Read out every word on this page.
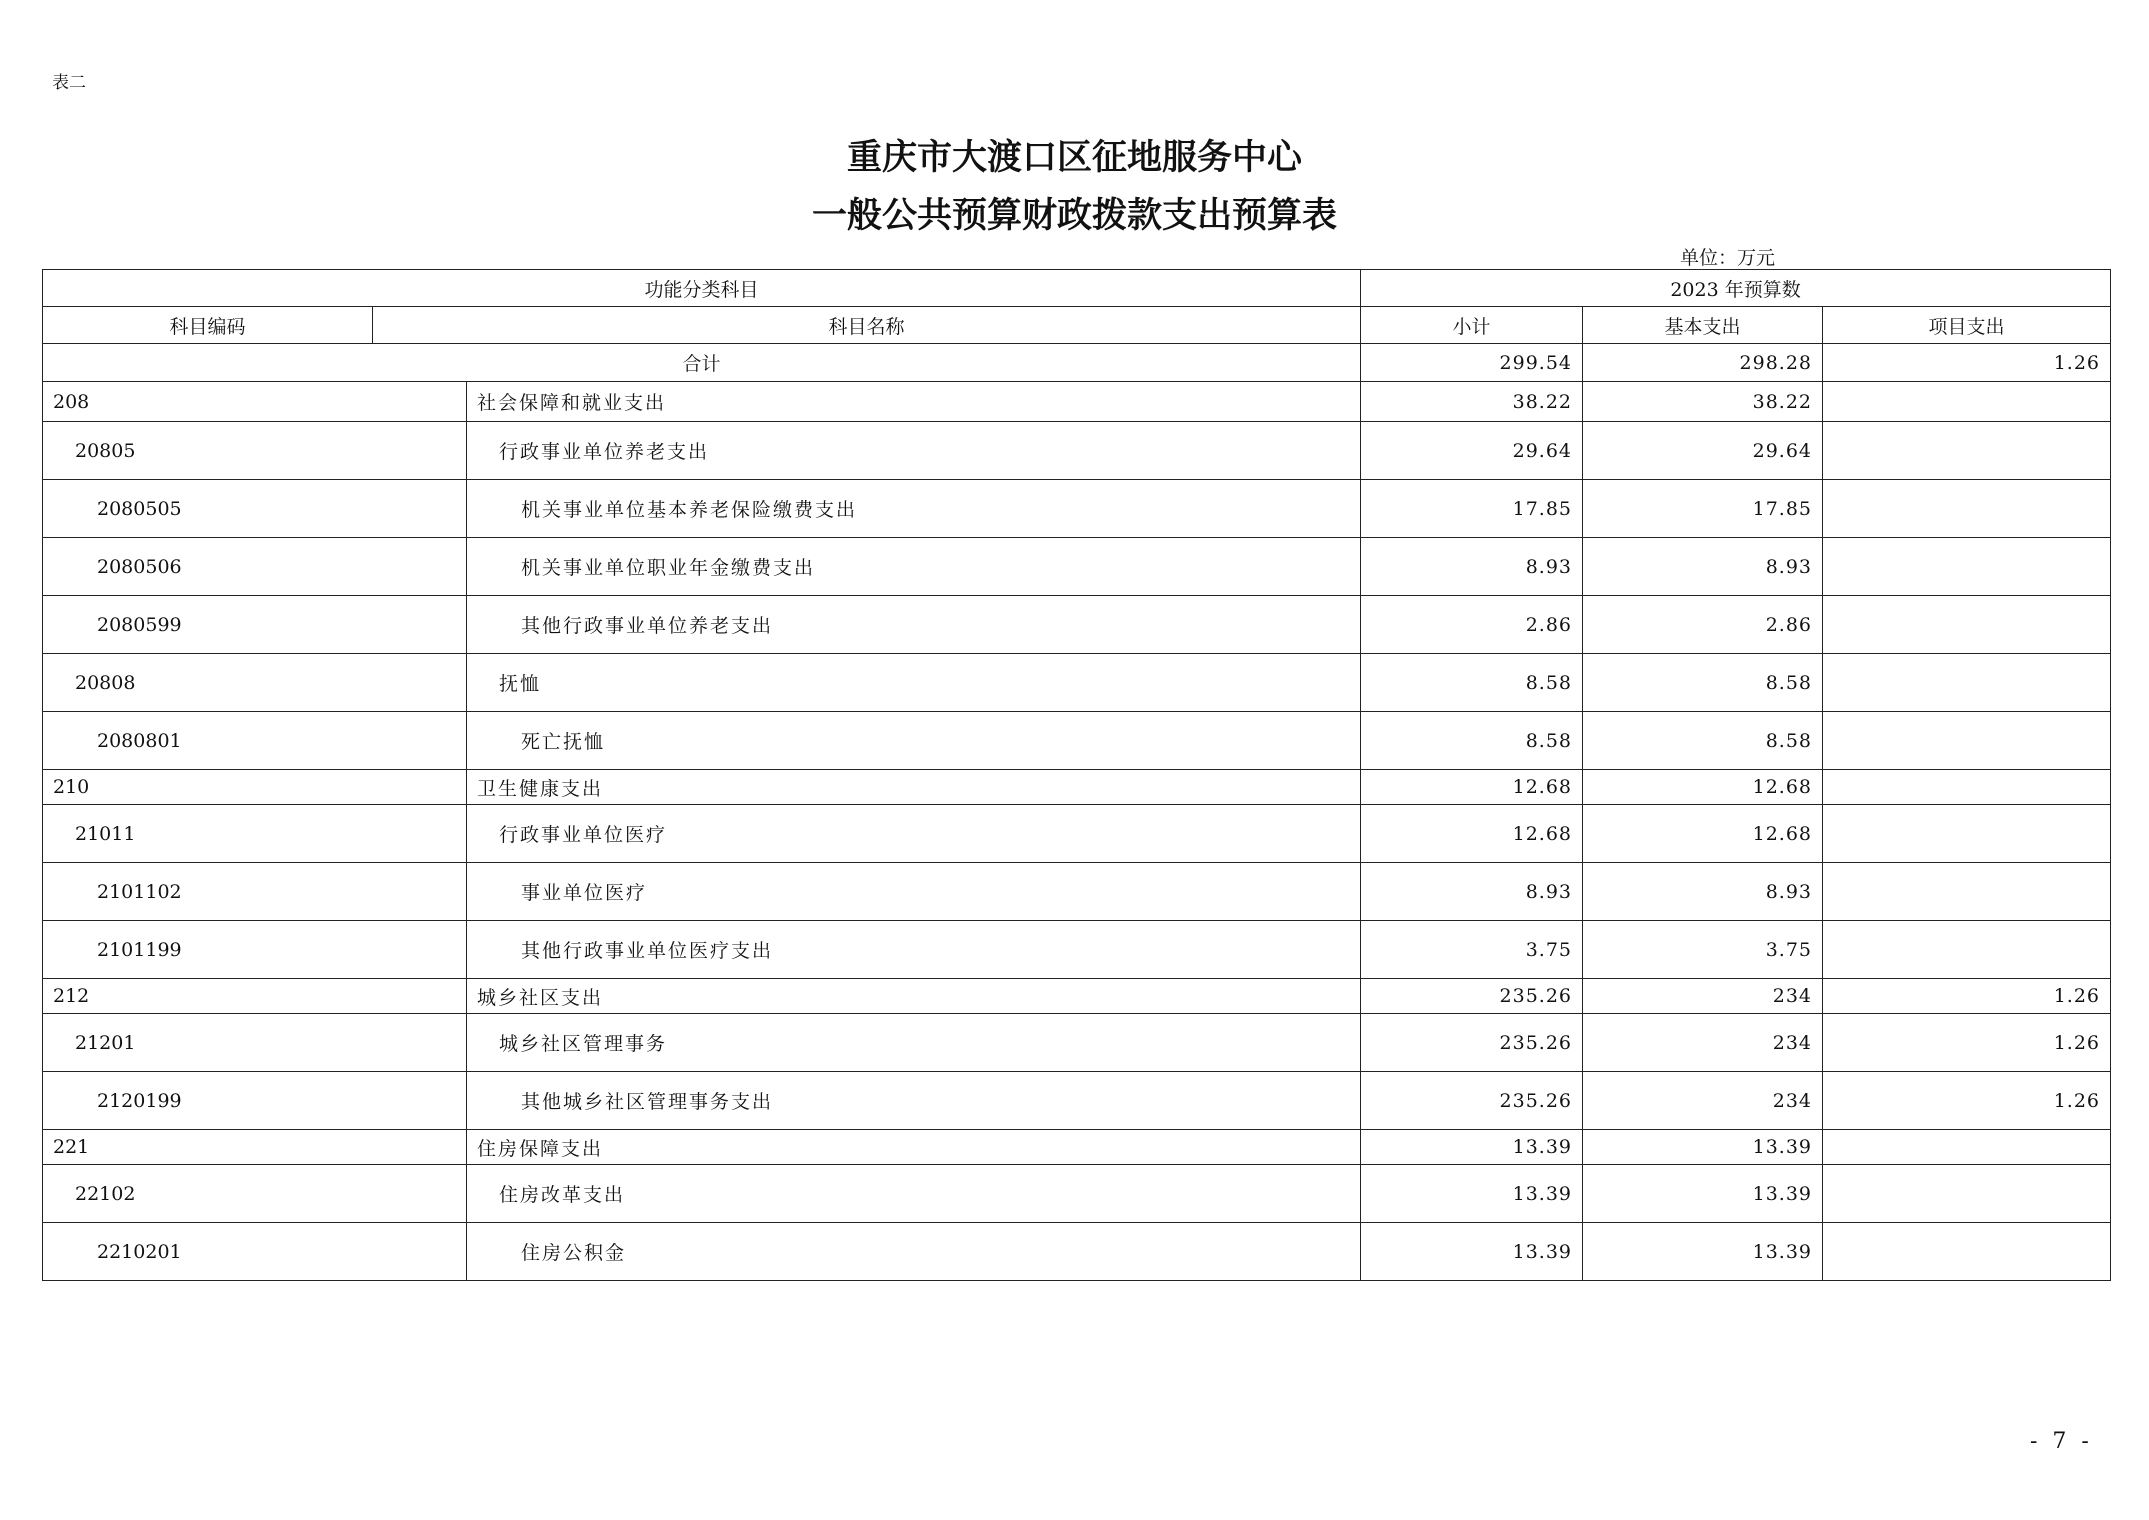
表二
重庆市大渡口区征地服务中心
一般公共预算财政拨款支出预算表
单位：万元
功能分类科目			2023 年预算数		
科目编码	科目名称		小计	基本支出	项目支出
合计			299.54	298.28	1.26
208		社会保障和就业支出	38.22	38.22	
20805		行政事业单位养老支出	29.64	29.64	
2080505		机关事业单位基本养老保险缴费支出	17.85	17.85	
2080506		机关事业单位职业年金缴费支出	8.93	8.93	
2080599		其他行政事业单位养老支出	2.86	2.86	
20808		抚恤	8.58	8.58	
2080801		死亡抚恤	8.58	8.58	
210		卫生健康支出	12.68	12.68	
21011		行政事业单位医疗	12.68	12.68	
2101102		事业单位医疗	8.93	8.93	
2101199		其他行政事业单位医疗支出	3.75	3.75	
212		城乡社区支出	235.26	234	1.26
21201		城乡社区管理事务	235.26	234	1.26
2120199		其他城乡社区管理事务支出	235.26	234	1.26
221		住房保障支出	13.39	13.39	
22102		住房改革支出	13.39	13.39	
2210201		住房公积金	13.39	13.39	
- 7 -
